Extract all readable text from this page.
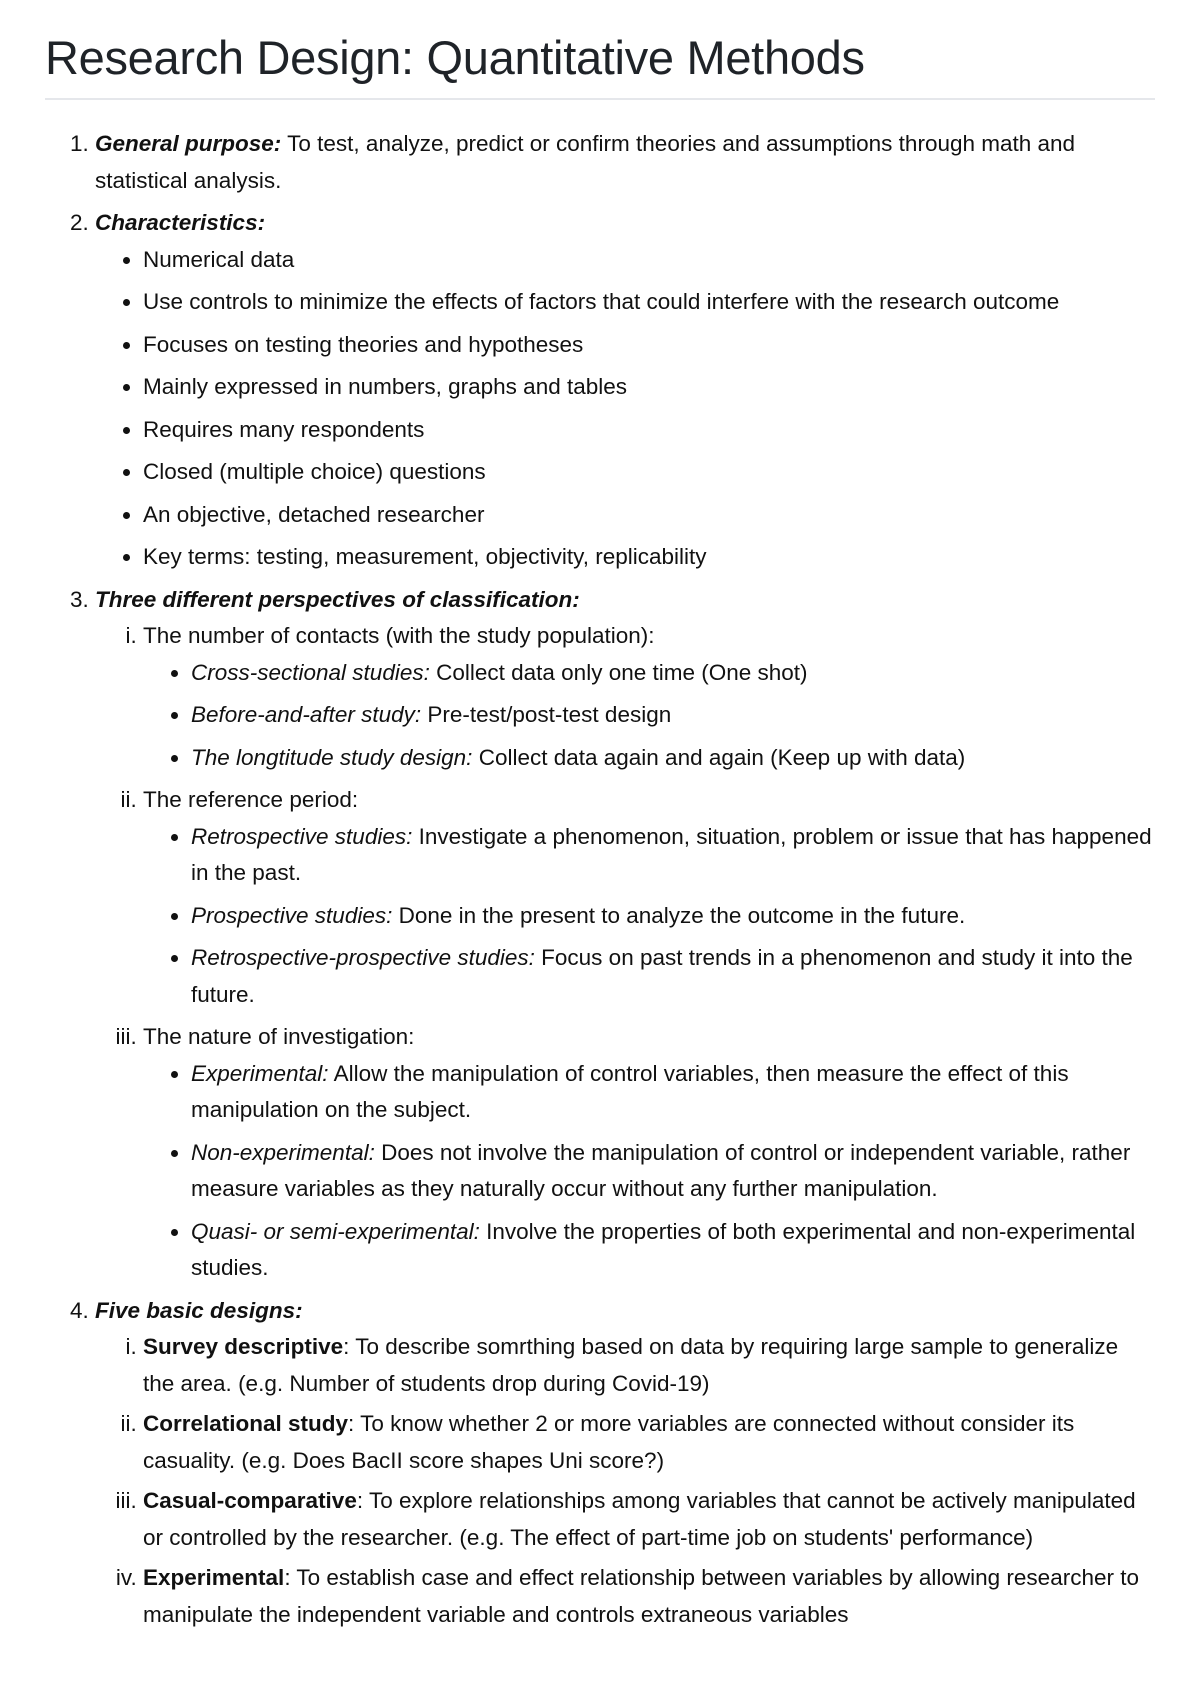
Research Design: Quantitative Methods
1. General purpose: To test, analyze, predict or confirm theories and assumptions through math and statistical analysis.
2. Characteristics:
• Numerical data
• Use controls to minimize the effects of factors that could interfere with the research outcome
• Focuses on testing theories and hypotheses
• Mainly expressed in numbers, graphs and tables
• Requires many respondents
• Closed (multiple choice) questions
• An objective, detached researcher
• Key terms: testing, measurement, objectivity, replicability
3. Three different perspectives of classification:
i. The number of contacts (with the study population):
• Cross-sectional studies: Collect data only one time (One shot)
• Before-and-after study: Pre-test/post-test design
• The longtitude study design: Collect data again and again (Keep up with data)
ii. The reference period:
• Retrospective studies: Investigate a phenomenon, situation, problem or issue that has happened in the past.
• Prospective studies: Done in the present to analyze the outcome in the future.
• Retrospective-prospective studies: Focus on past trends in a phenomenon and study it into the future.
iii. The nature of investigation:
• Experimental: Allow the manipulation of control variables, then measure the effect of this manipulation on the subject.
• Non-experimental: Does not involve the manipulation of control or independent variable, rather measure variables as they naturally occur without any further manipulation.
• Quasi- or semi-experimental: Involve the properties of both experimental and non-experimental studies.
4. Five basic designs:
i. Survey descriptive: To describe somrthing based on data by requiring large sample to generalize the area. (e.g. Number of students drop during Covid-19)
ii. Correlational study: To know whether 2 or more variables are connected without consider its casuality. (e.g. Does BacII score shapes Uni score?)
iii. Casual-comparative: To explore relationships among variables that cannot be actively manipulated or controlled by the researcher. (e.g. The effect of part-time job on students' performance)
iv. Experimental: To establish case and effect relationship between variables by allowing researcher to manipulate the independent variable and controls extraneous variables
